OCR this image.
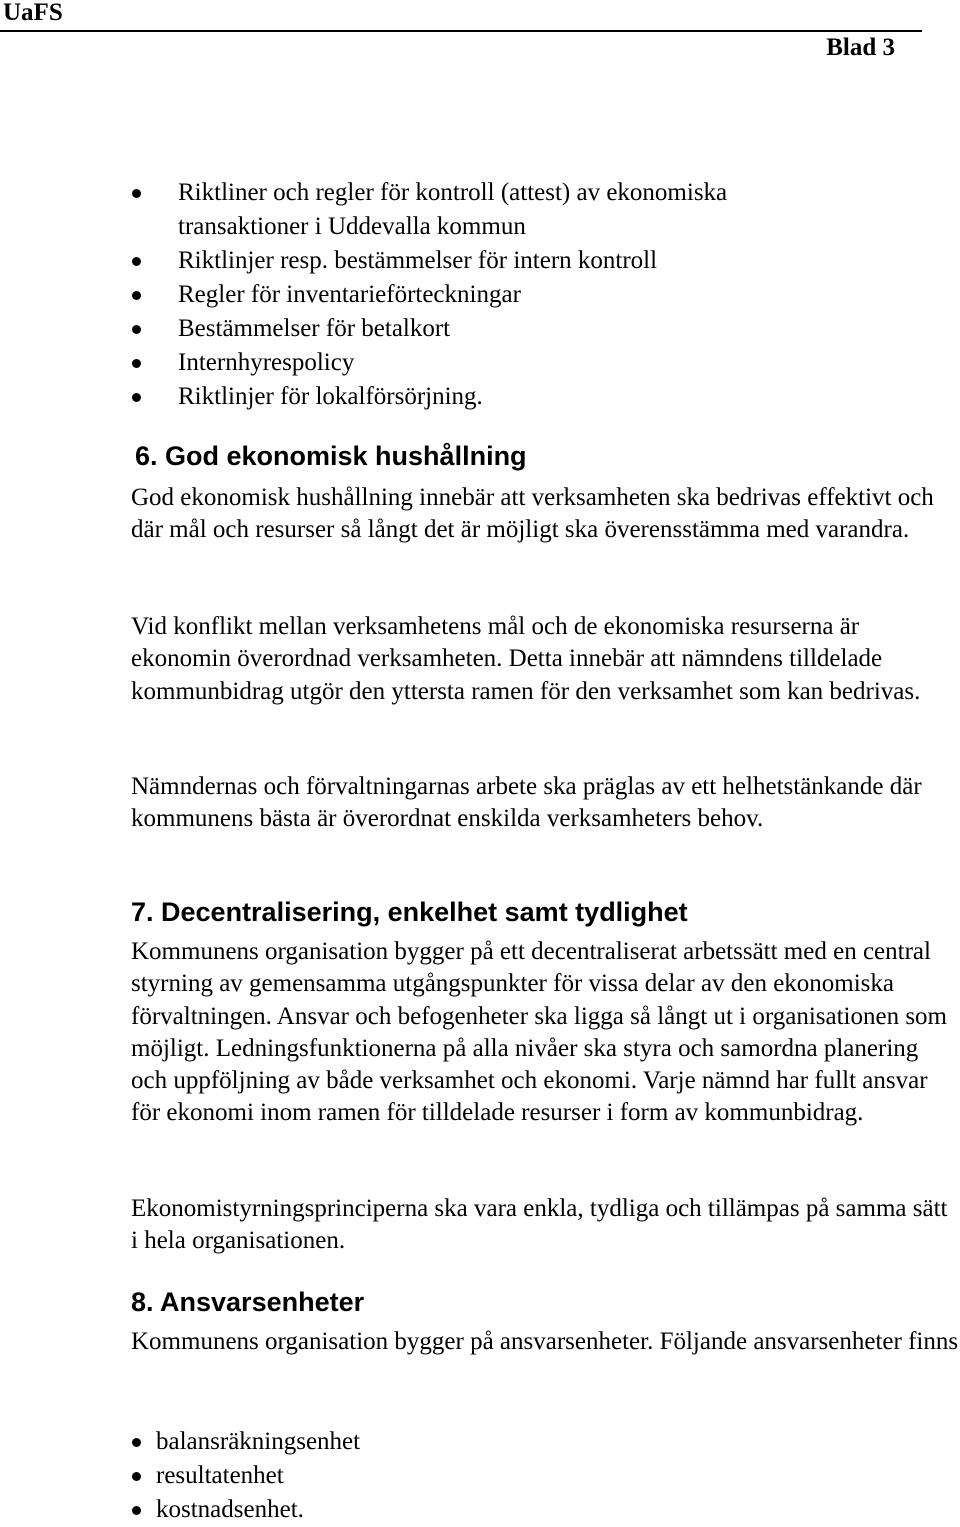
UaFS
Blad 3
Riktliner och regler för kontroll (attest) av ekonomiska transaktioner i Uddevalla kommun
Riktlinjer resp. bestämmelser för intern kontroll
Regler för inventarieförteckningar
Bestämmelser för betalkort
Internhyrespolicy
Riktlinjer för lokalförsörjning.
6. God ekonomisk hushållning

God ekonomisk hushållning innebär att verksamheten ska bedrivas effektivt och där mål och resurser så långt det är möjligt ska överensstämma med varandra.

Vid konflikt mellan verksamhetens mål och de ekonomiska resurserna är ekonomin överordnad verksamheten. Detta innebär att nämndens tilldelade kommunbidrag utgör den yttersta ramen för den verksamhet som kan bedrivas.

Nämndernas och förvaltningarnas arbete ska präglas av ett helhetstänkande där kommunens bästa är överordnat enskilda verksamheters behov.

7. Decentralisering, enkelhet samt tydlighet

Kommunens organisation bygger på ett decentraliserat arbetssätt med en central styrning av gemensamma utgångspunkter för vissa delar av den ekonomiska förvaltningen. Ansvar och befogenheter ska ligga så långt ut i organisationen som möjligt. Ledningsfunktionerna på alla nivåer ska styra och samordna planering och uppföljning av både verksamhet och ekonomi. Varje nämnd har fullt ansvar för ekonomi inom ramen för tilldelade resurser i form av kommunbidrag.

Ekonomistyrningsprinciperna ska vara enkla, tydliga och tillämpas på samma sätt i hela organisationen.

8. Ansvarsenheter

Kommunens organisation bygger på ansvarsenheter. Följande ansvarsenheter finns

balansräkningsenhet
resultatenhet
kostnadsenhet.
